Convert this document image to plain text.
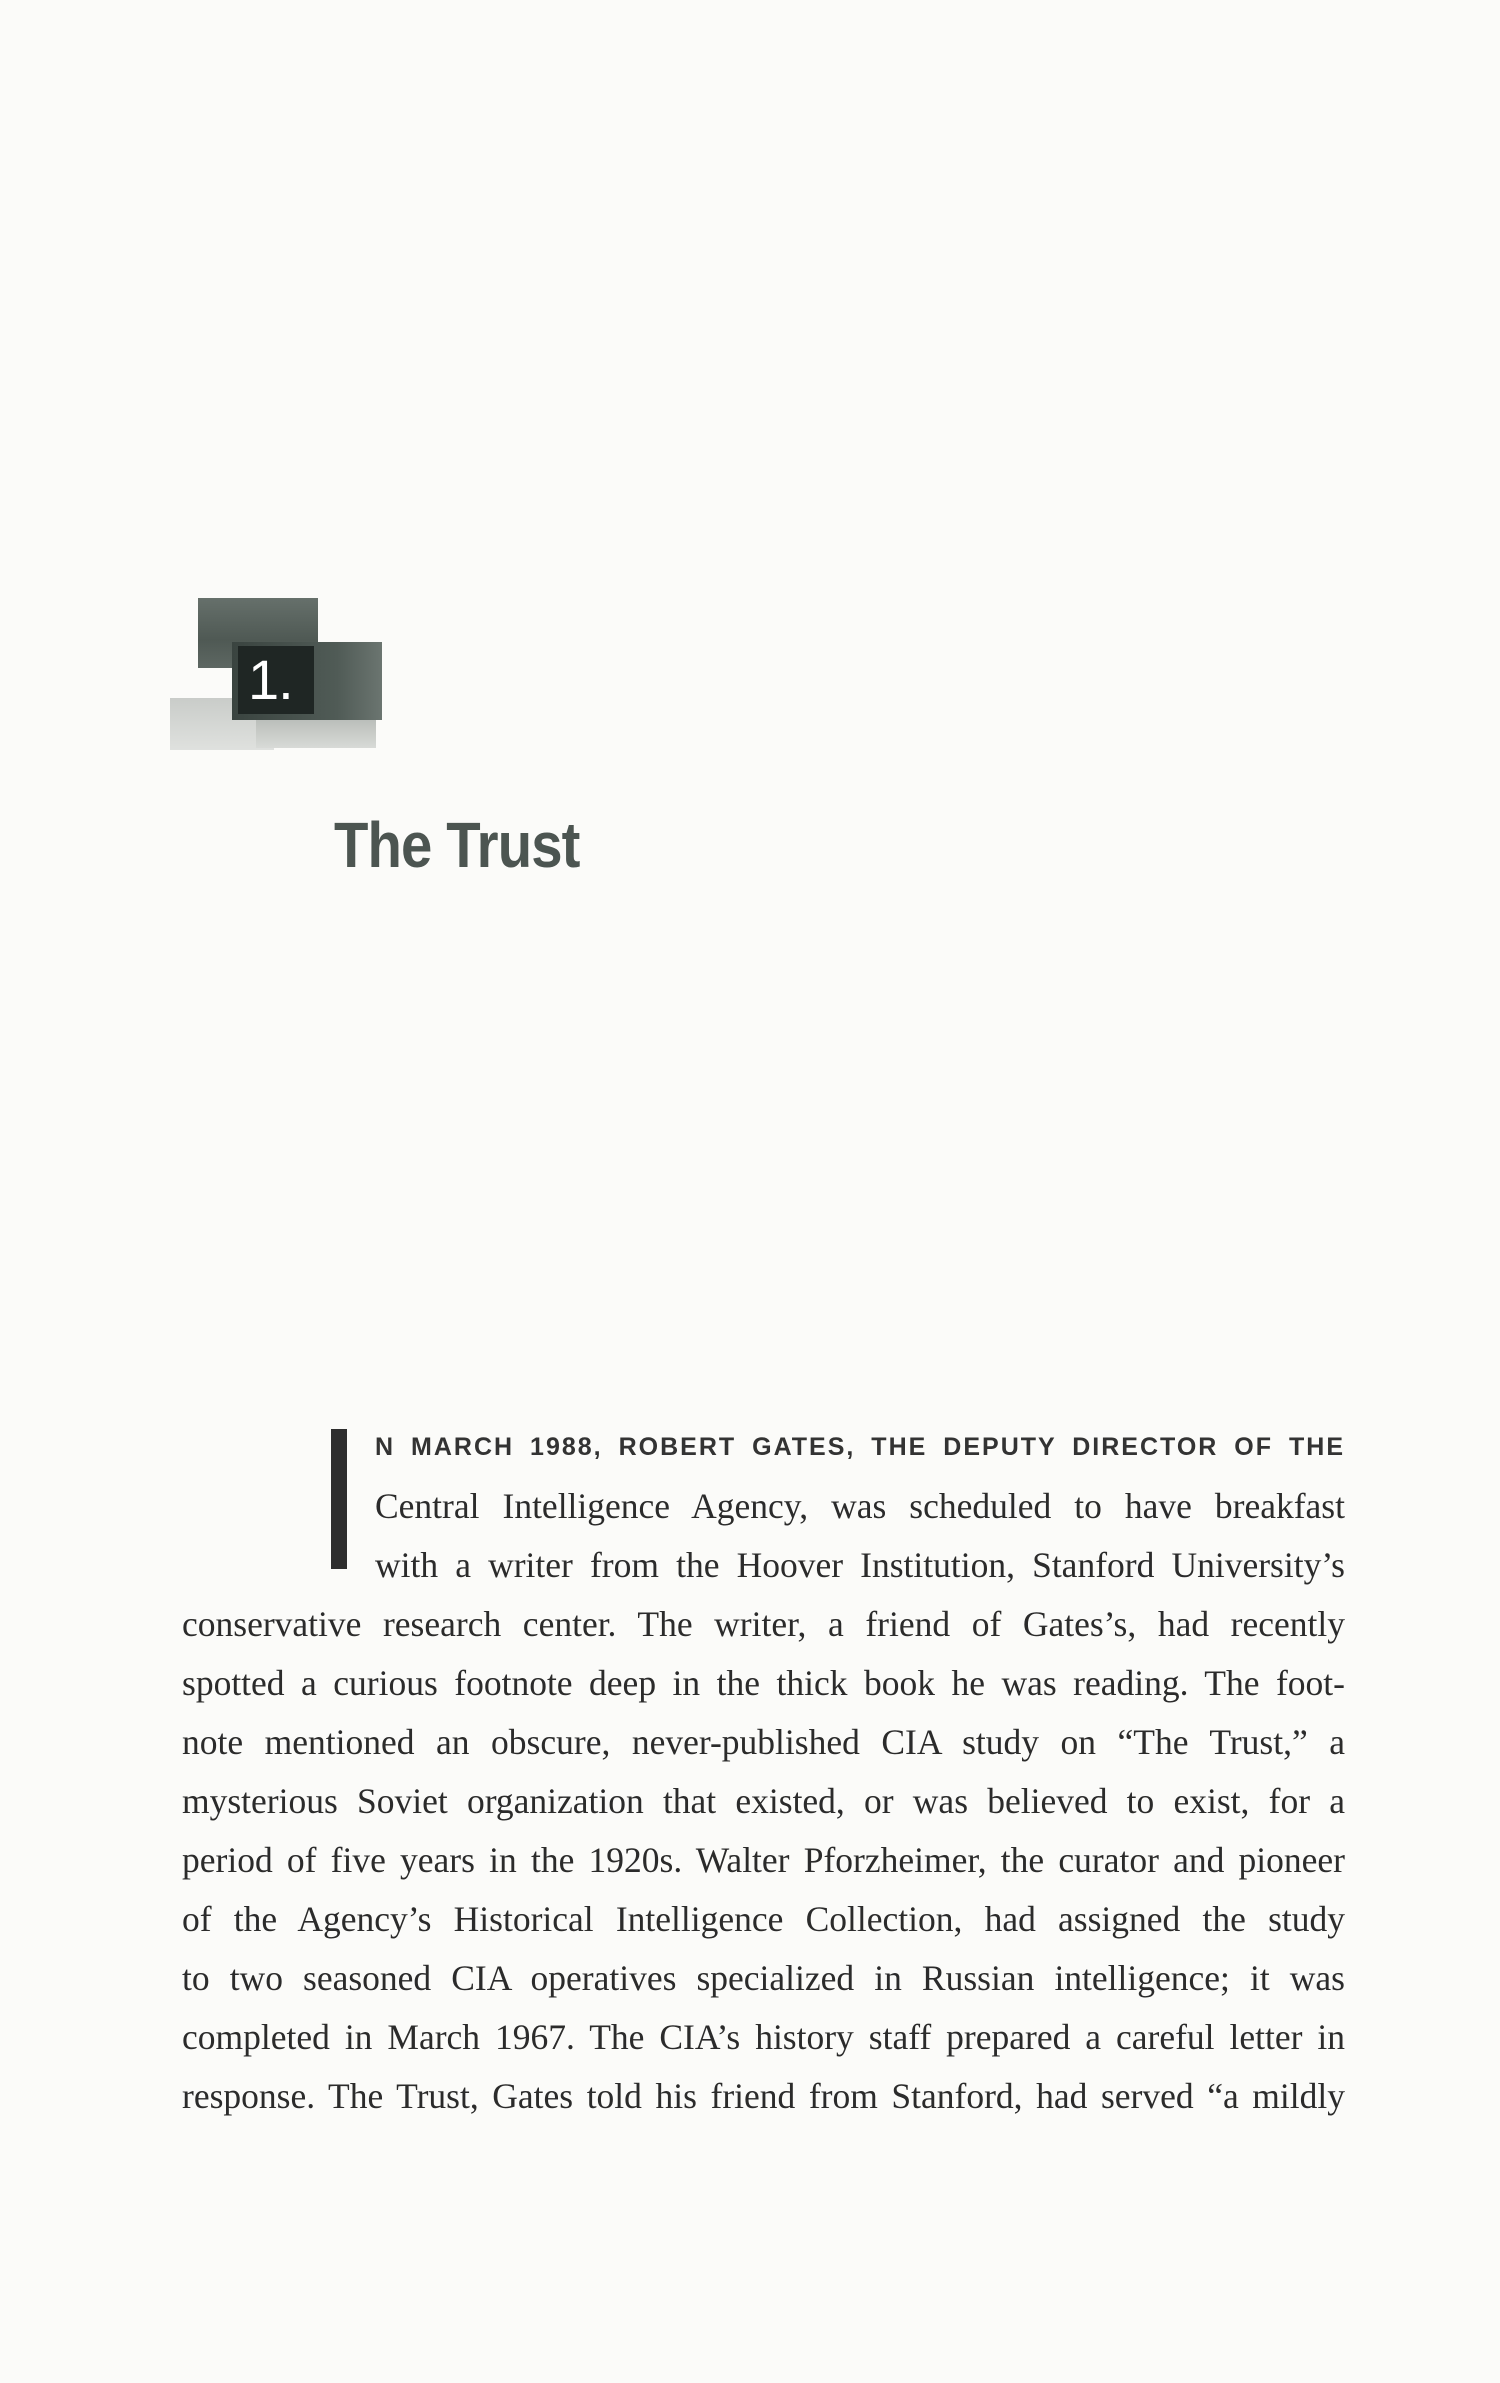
1.
The Trust
N MARCH 1988, ROBERT GATES, THE DEPUTY DIRECTOR OF THE
Central Intelligence Agency, was scheduled to have breakfast
with a writer from the Hoover Institution, Stanford University’s
conservative research center. The writer, a friend of Gates’s, had recently
spotted a curious footnote deep in the thick book he was reading. The foot-
note mentioned an obscure, never-published CIA study on “The Trust,” a
mysterious Soviet organization that existed, or was believed to exist, for a
period of five years in the 1920s. Walter Pforzheimer, the curator and pioneer
of the Agency’s Historical Intelligence Collection, had assigned the study
to two seasoned CIA operatives specialized in Russian intelligence; it was
completed in March 1967. The CIA’s history staff prepared a careful letter in
response. The Trust, Gates told his friend from Stanford, had served “a mildly
